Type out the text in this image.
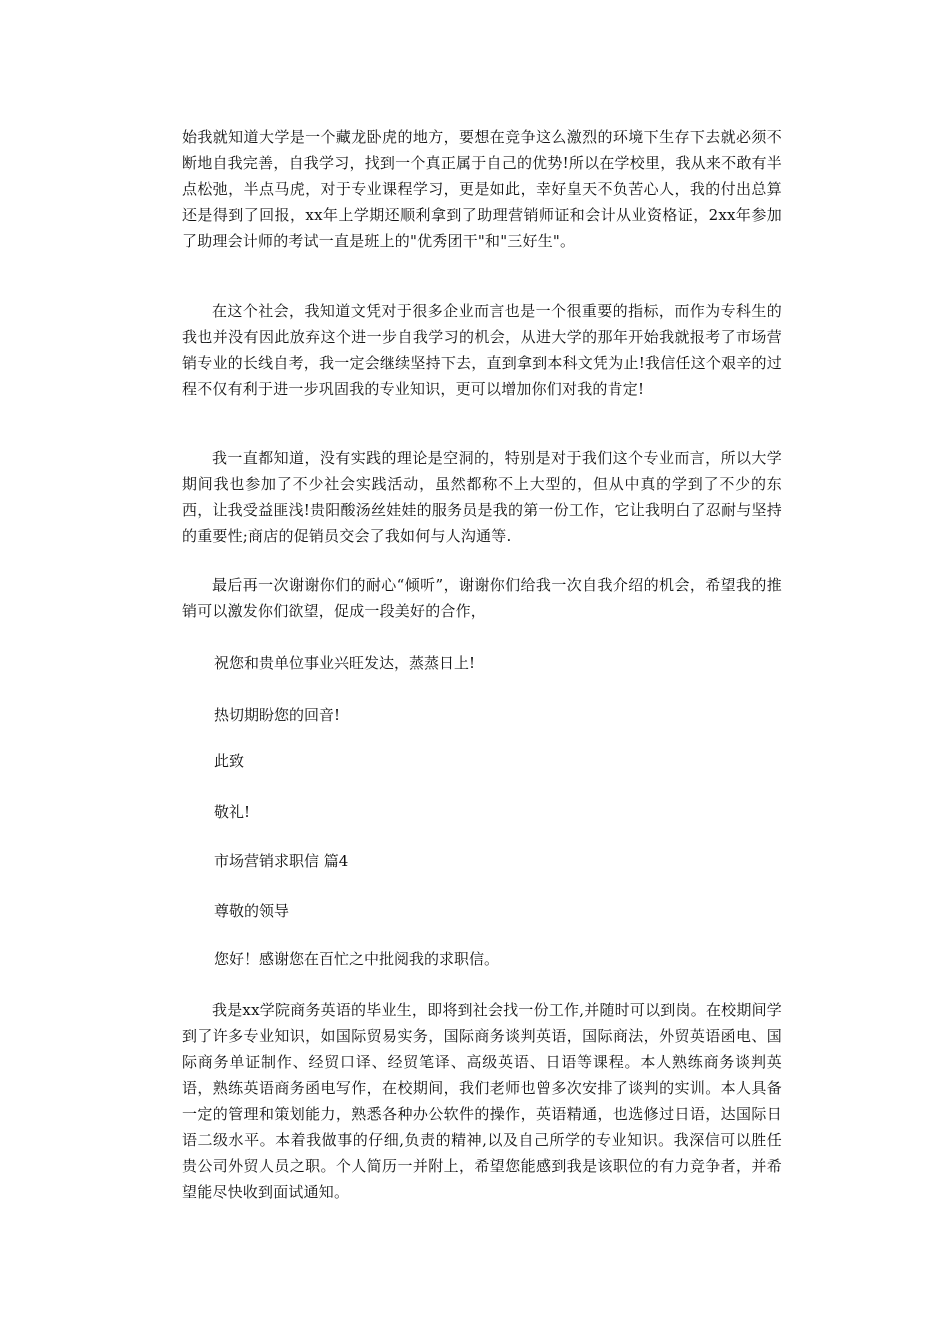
始我就知道大学是一个藏龙卧虎的地方，要想在竞争这么激烈的环境下生存下去就必须不断地自我完善，自我学习，找到一个真正属于自己的优势!所以在学校里，我从来不敢有半点松弛，半点马虎，对于专业课程学习，更是如此，幸好皇天不负苦心人，我的付出总算还是得到了回报，xx年上学期还顺利拿到了助理营销师证和会计从业资格证，2xx年参加了助理会计师的考试一直是班上的"优秀团干"和"三好生"。

在这个社会，我知道文凭对于很多企业而言也是一个很重要的指标，而作为专科生的我也并没有因此放弃这个进一步自我学习的机会，从进大学的那年开始我就报考了市场营销专业的长线自考，我一定会继续坚持下去，直到拿到本科文凭为止!我信任这个艰辛的过程不仅有利于进一步巩固我的专业知识，更可以增加你们对我的肯定!

我一直都知道，没有实践的理论是空洞的，特别是对于我们这个专业而言，所以大学期间我也参加了不少社会实践活动，虽然都称不上大型的，但从中真的学到了不少的东西，让我受益匪浅!贵阳酸汤丝娃娃的服务员是我的第一份工作，它让我明白了忍耐与坚持的重要性;商店的促销员交会了我如何与人沟通等.

最后再一次谢谢你们的耐心“倾听”，谢谢你们给我一次自我介绍的机会，希望我的推销可以激发你们欲望，促成一段美好的合作，

祝您和贵单位事业兴旺发达，蒸蒸日上!

热切期盼您的回音!

此致

敬礼!

市场营销求职信 篇4

尊敬的领导

您好！感谢您在百忙之中批阅我的求职信。

我是xx学院商务英语的毕业生，即将到社会找一份工作,并随时可以到岗。在校期间学到了许多专业知识，如国际贸易实务，国际商务谈判英语，国际商法，外贸英语函电、国际商务单证制作、经贸口译、经贸笔译、高级英语、日语等课程。本人熟练商务谈判英语，熟练英语商务函电写作，在校期间，我们老师也曾多次安排了谈判的实训。本人具备一定的管理和策划能力，熟悉各种办公软件的操作，英语精通，也选修过日语，达国际日语二级水平。本着我做事的仔细,负责的精神,以及自己所学的专业知识。我深信可以胜任贵公司外贸人员之职。个人简历一并附上，希望您能感到我是该职位的有力竞争者，并希望能尽快收到面试通知。
